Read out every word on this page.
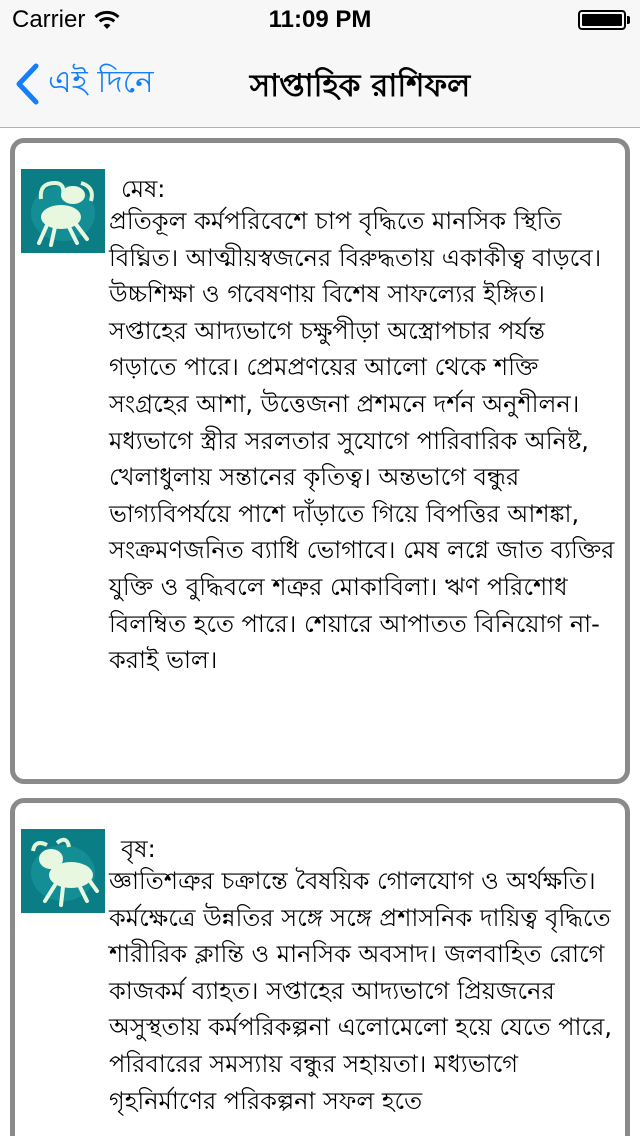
Carrier	11:09 PM
এই দিনে	সাপ্তাহিক রাশিফল
মেষ:

প্রতিকূল কর্মপরিবেশে চাপ বৃদ্ধিতে মানসিক স্থিতি বিঘ্নিত। আত্মীয়স্বজনের বিরুদ্ধতায় একাকীত্ব বাড়বে। উচ্চশিক্ষা ও গবেষণায় বিশেষ সাফল্যের ইঙ্গিত। সপ্তাহের আদ্যভাগে চক্ষুপীড়া অস্ত্রোপচার পর্যন্ত গড়াতে পারে। প্রেমপ্রণয়ের আলো থেকে শক্তি সংগ্রহের আশা, উত্তেজনা প্রশমনে দর্শন অনুশীলন। মধ্যভাগে স্ত্রীর সরলতার সুযোগে পারিবারিক অনিষ্ট, খেলাধুলায় সন্তানের কৃতিত্ব। অন্তভাগে বন্ধুর ভাগ্যবিপর্যয়ে পাশে দাঁড়াতে গিয়ে বিপত্তির আশঙ্কা, সংক্রমণজনিত ব্যাধি ভোগাবে। মেষ লগ্নে জাত ব্যক্তির যুক্তি ও বুদ্ধিবলে শত্রুর মোকাবিলা। ঋণ পরিশোধ বিলম্বিত হতে পারে। শেয়ারে আপাতত বিনিয়োগ না-করাই ভাল।

বৃষ:

জ্ঞাতিশত্রুর চক্রান্তে বৈষয়িক গোলযোগ ও অর্থক্ষতি। কর্মক্ষেত্রে উন্নতির সঙ্গে সঙ্গে প্রশাসনিক দায়িত্ব বৃদ্ধিতে শারীরিক ক্লান্তি ও মানসিক অবসাদ। জলবাহিত রোগে কাজকর্ম ব্যাহত। সপ্তাহের আদ্যভাগে প্রিয়জনের অসুস্থতায় কর্মপরিকল্পনা এলোমেলো হয়ে যেতে পারে, পরিবারের সমস্যায় বন্ধুর সহায়তা। মধ্যভাগে গৃহনির্মাণের পরিকল্পনা সফল হতে
